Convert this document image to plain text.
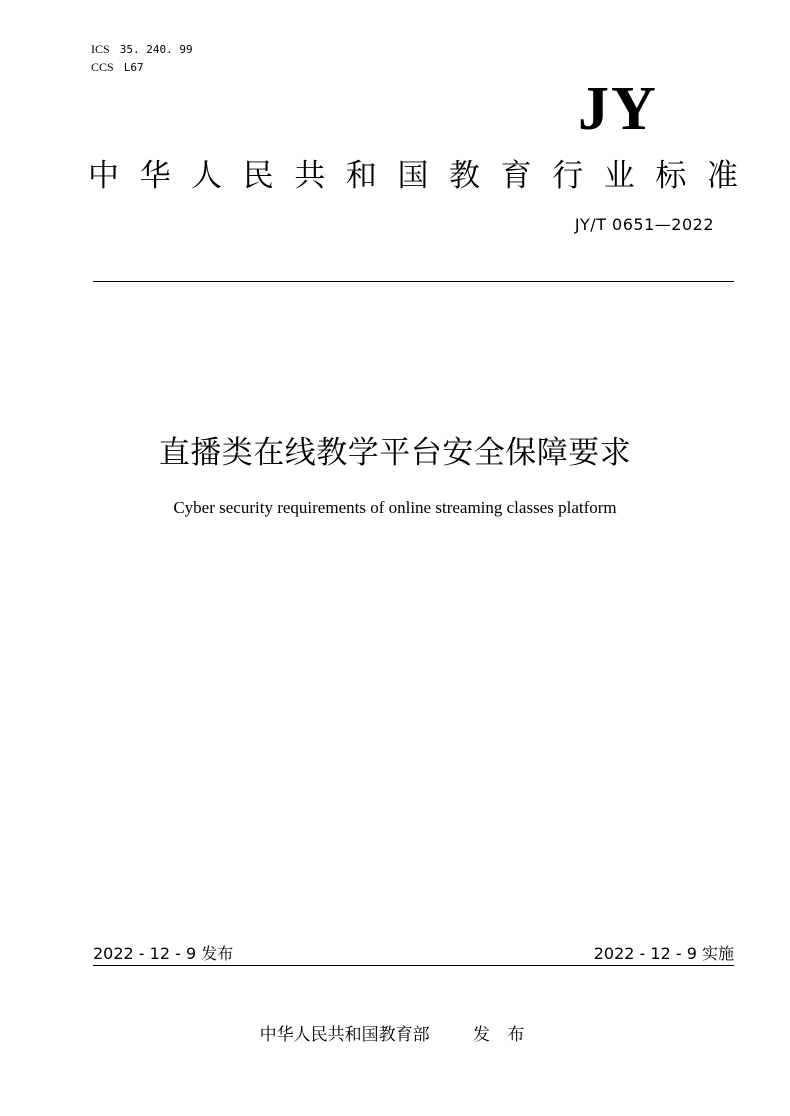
ICS 35. 240. 99
CCS L67
JY
中 华 人 民 共 和 国 教 育 行 业 标 准
JY/T 0651—2022
直播类在线教学平台安全保障要求
Cyber security requirements of online streaming classes platform
2022 - 12 - 9 发布	2022 - 12 - 9 实施
中华人民共和国教育部	发 布
